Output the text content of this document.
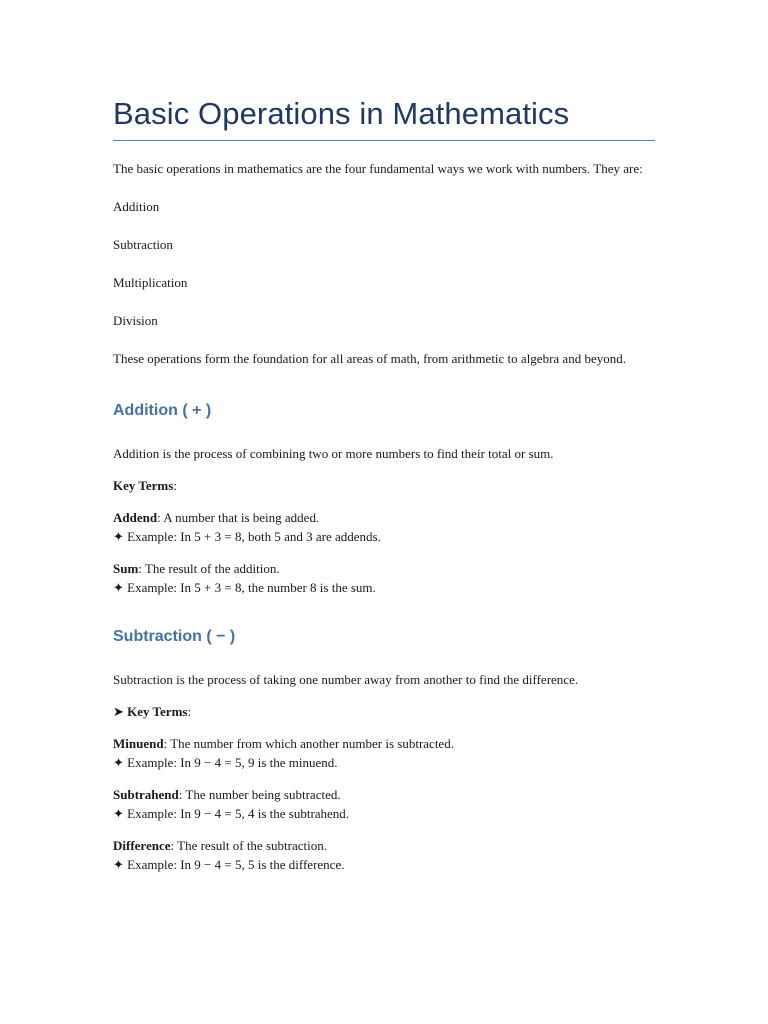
Basic Operations in Mathematics

The basic operations in mathematics are the four fundamental ways we work with numbers. They are:

Addition

Subtraction

Multiplication

Division

These operations form the foundation for all areas of math, from arithmetic to algebra and beyond.

Addition ( + )

Addition is the process of combining two or more numbers to find their total or sum.

Key Terms:

Addend: A number that is being added.
✦ Example: In 5 + 3 = 8, both 5 and 3 are addends.

Sum: The result of the addition.
✦ Example: In 5 + 3 = 8, the number 8 is the sum.

Subtraction ( − )

Subtraction is the process of taking one number away from another to find the difference.

➤ Key Terms:

Minuend: The number from which another number is subtracted.
✦ Example: In 9 − 4 = 5, 9 is the minuend.

Subtrahend: The number being subtracted.
✦ Example: In 9 − 4 = 5, 4 is the subtrahend.

Difference: The result of the subtraction.
✦ Example: In 9 − 4 = 5, 5 is the difference.
